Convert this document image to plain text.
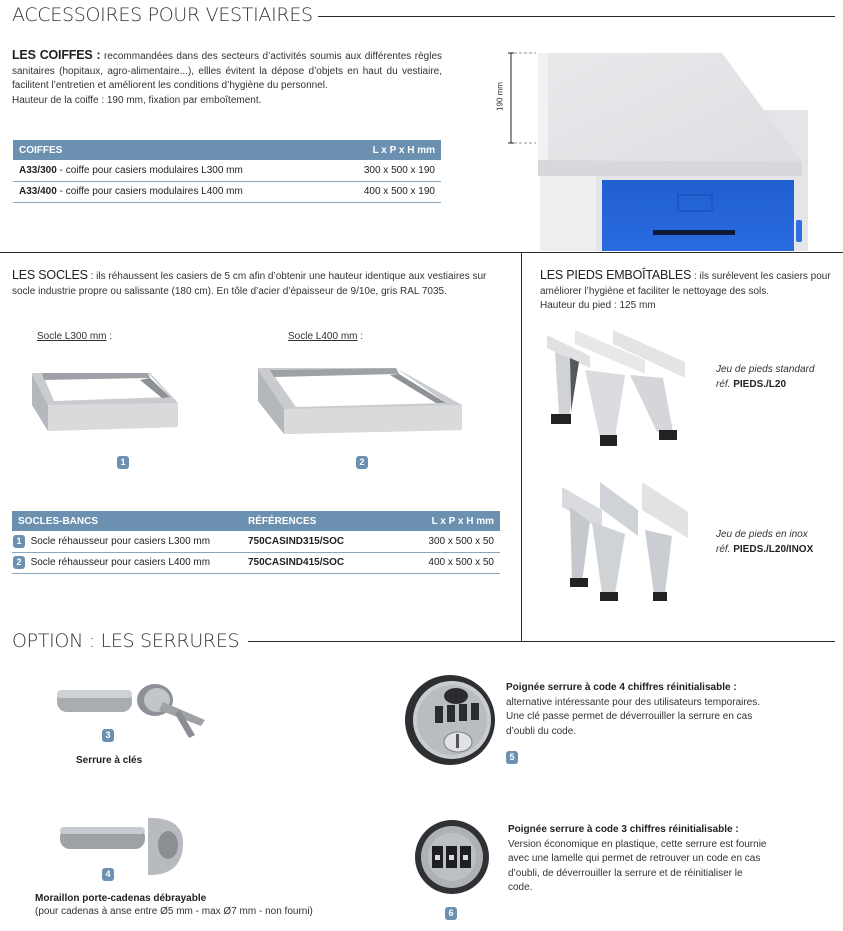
ACCESSOIRES POUR VESTIAIRES
LES COIFFES : recommandées dans des secteurs d’activités soumis aux différentes règles sanitaires (hopitaux, agro-alimentaire...), ellles évitent la dépose d’objets en haut du vestiaire, facilitent l’entretien et améliorent les conditions d’hygiène du personnel.
Hauteur de la coiffe : 190 mm, fixation par emboîtement.
COIFFES	L x P x H mm
A33/300 - coiffe pour casiers modulaires L300 mm	300 x 500 x 190
A33/400 - coiffe pour casiers modulaires L400 mm	400 x 500 x 190
190 mm
LES SOCLES : ils réhaussent les casiers de 5 cm afin d’obtenir une hauteur identique aux vestiaires sur socle industrie propre ou salissante (180 cm). En tôle d’acier d’épaisseur de 9/10e, gris RAL 7035.
Socle L300 mm :	Socle L400 mm :
1	2
SOCLES-BANCS	RÉFÉRENCES	L x P x H mm
1 Socle réhausseur pour casiers L300 mm	750CASIND315/SOC	300 x 500 x 50
2 Socle réhausseur pour casiers L400 mm	750CASIND415/SOC	400 x 500 x 50
LES PIEDS EMBOÎTABLES : ils surélevent les casiers pour améliorer l’hygiène et faciliter le nettoyage des sols.
Hauteur du pied : 125 mm
Jeu de pieds standard
réf. PIEDS./L20
Jeu de pieds en inox
réf. PIEDS./L20/INOX
OPTION : LES SERRURES
3
Serrure à clés
4
Moraillon porte-cadenas débrayable
(pour cadenas à anse entre Ø5 mm - max Ø7 mm - non fourni)
Poignée serrure à code 4 chiffres réinitialisable :
alternative intéressante pour des utilisateurs temporaires. Une clé passe permet de déverrouiller la serrure en cas d’oubli du code.
5
Poignée serrure à code 3 chiffres réinitialisable :
Version économique en plastique, cette serrure est fournie avec une lamelle qui permet de retrouver un code en cas d’oubli, de déverrouiller la serrure et de réinitialiser le code.
6
